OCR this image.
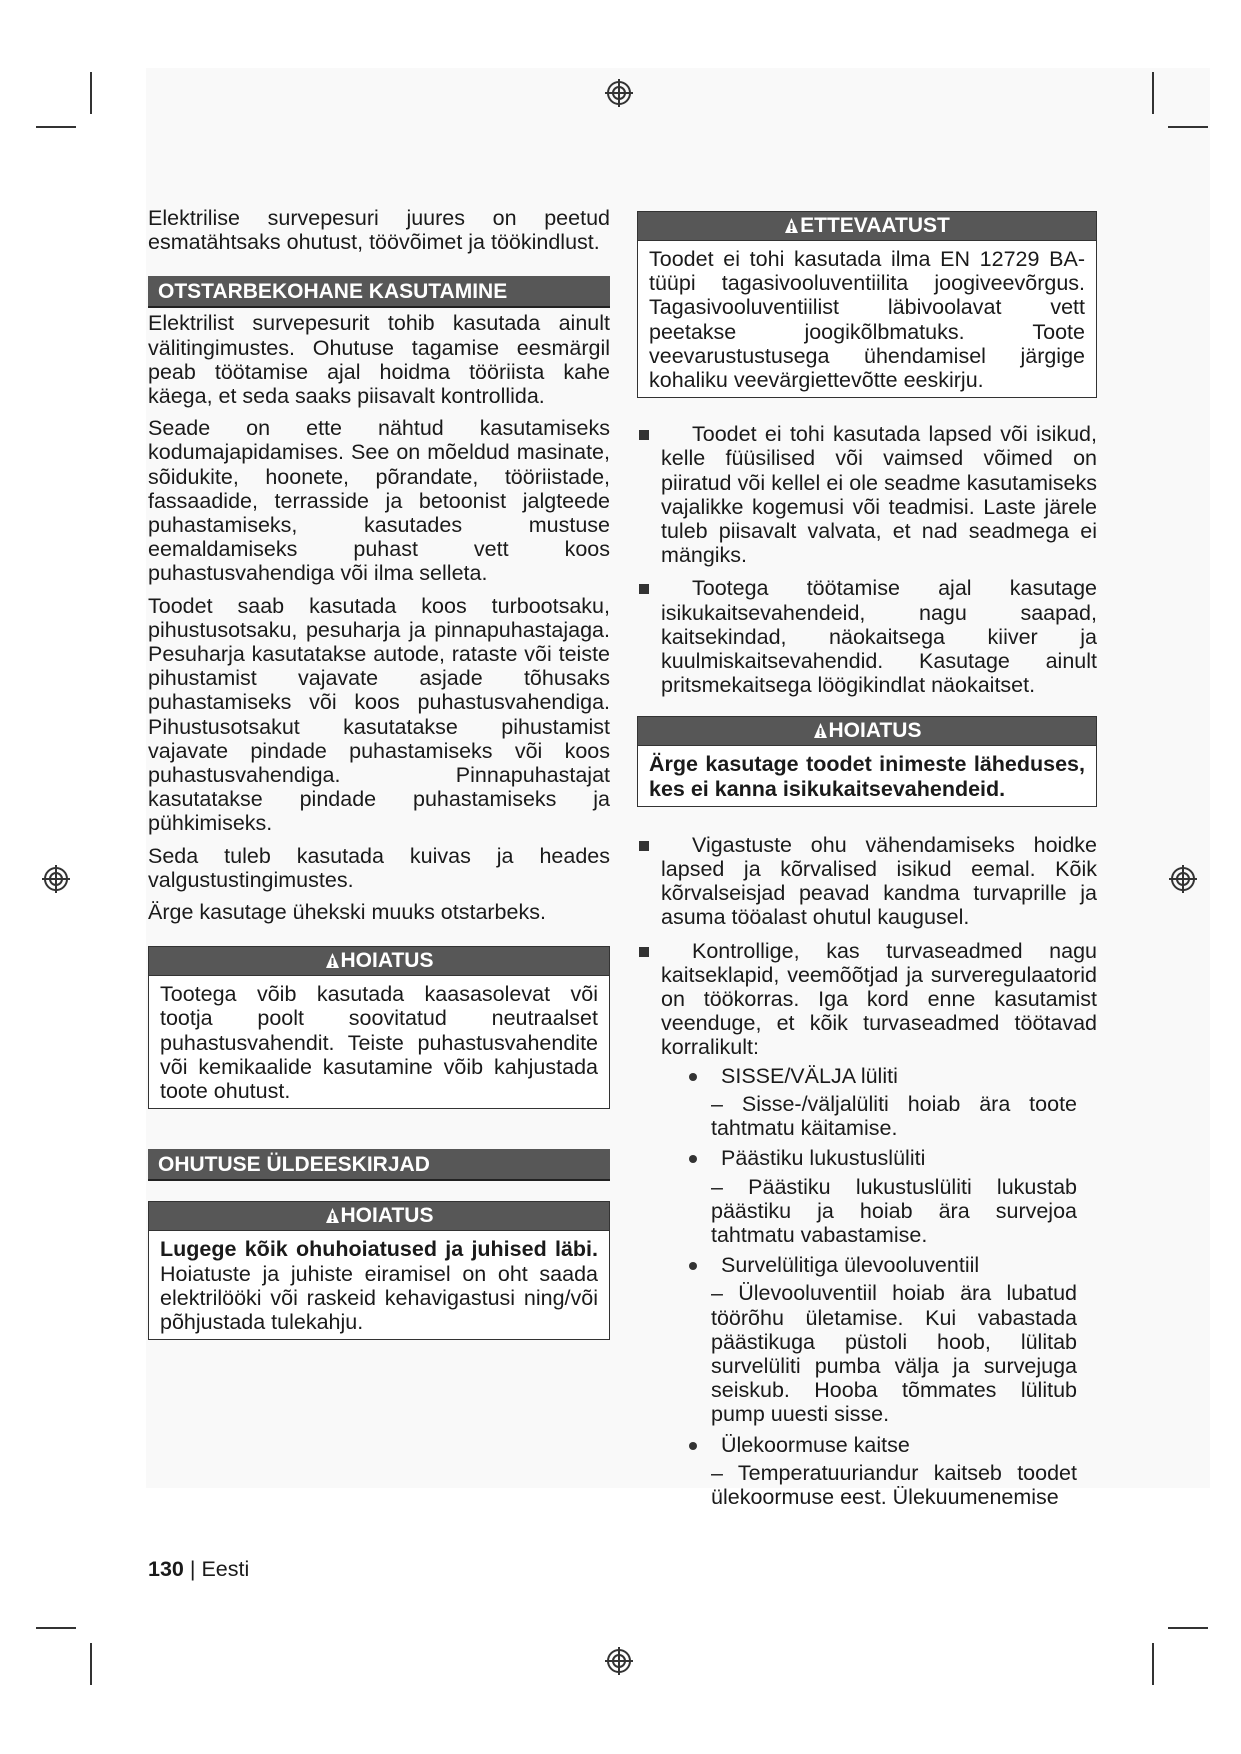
Elektrilise survepesuri juures on peetud esmatähtsaks ohutust, töövõimet ja töökindlust.

OTSTARBEKOHANE KASUTAMINE

Elektrilist survepesurit tohib kasutada ainult välitingimustes. Ohutuse tagamise eesmärgil peab töötamise ajal hoidma tööriista kahe käega, et seda saaks piisavalt kontrollida.

Seade on ette nähtud kasutamiseks kodumajapidamises. See on mõeldud masinate, sõidukite, hoonete, põrandate, tööriistade, fassaadide, terrasside ja betoonist jalgteede puhastamiseks, kasutades mustuse eemaldamiseks puhast vett koos puhastusvahendiga või ilma selleta.

Toodet saab kasutada koos turbootsaku, pihustusotsaku, pesuharja ja pinnapuhastajaga. Pesuharja kasutatakse autode, rataste või teiste pihustamist vajavate asjade tõhusaks puhastamiseks või koos puhastusvahendiga. Pihustusotsakut kasutatakse pihustamist vajavate pindade puhastamiseks või koos puhastusvahendiga. Pinnapuhastajat kasutatakse pindade puhastamiseks ja pühkimiseks.

Seda tuleb kasutada kuivas ja heades valgustustingimustes.

Ärge kasutage ühekski muuks otstarbeks.

HOIATUS
Tootega võib kasutada kaasasolevat või tootja poolt soovitatud neutraalset puhastusvahendit. Teiste puhastusvahendite või kemikaalide kasutamine võib kahjustada toote ohutust.
OHUTUSE ÜLDEESKIRJAD
HOIATUS
Lugege kõik ohuhoiatused ja juhised läbi. Hoiatuste ja juhiste eiramisel on oht saada elektrilööki või raskeid kehavigastusi ning/või põhjustada tulekahju.
ETTEVAATUST
Toodet ei tohi kasutada ilma EN 12729 BA-tüüpi tagasivooluventiilita joogiveevõrgus. Tagasivooluventiilist läbivoolavat vett peetakse joogikõlbmatuks. Toote veevarustustusega ühendamisel järgige kohaliku veevärgiettevõtte eeskirju.
Toodet ei tohi kasutada lapsed või isikud, kelle füüsilised või vaimsed võimed on piiratud või kellel ei ole seadme kasutamiseks vajalikke kogemusi või teadmisi. Laste järele tuleb piisavalt valvata, et nad seadmega ei mängiks.
Tootega töötamise ajal kasutage isikukaitsevahendeid, nagu saapad, kaitsekindad, näokaitsega kiiver ja kuulmiskaitsevahendid. Kasutage ainult pritsmekaitsega löögikindlat näokaitset.
HOIATUS
Ärge kasutage toodet inimeste läheduses, kes ei kanna isikukaitsevahendeid.
Vigastuste ohu vähendamiseks hoidke lapsed ja kõrvalised isikud eemal. Kõik kõrvalseisjad peavad kandma turvaprille ja asuma tööalast ohutul kaugusel.
Kontrollige, kas turvaseadmed nagu kaitseklapid, veemõõtjad ja surveregulaatorid on töökorras. Iga kord enne kasutamist veenduge, et kõik turvaseadmed töötavad korralikult:
SISSE/VÄLJA lüliti
– Sisse-/väljalüliti hoiab ära toote tahtmatu käitamise.
Päästiku lukustuslüliti
– Päästiku lukustuslüliti lukustab päästiku ja hoiab ära survejoa tahtmatu vabastamise.
Survelülitiga ülevooluventiil
– Ülevooluventiil hoiab ära lubatud töörõhu ületamise. Kui vabastada päästikuga püstoli hoob, lülitab survelüliti pumba välja ja survejuga seiskub. Hooba tõmmates lülitub pump uuesti sisse.
Ülekoormuse kaitse
– Temperatuuriandur kaitseb toodet ülekoormuse eest. Ülekuumenemise
130 | Eesti
